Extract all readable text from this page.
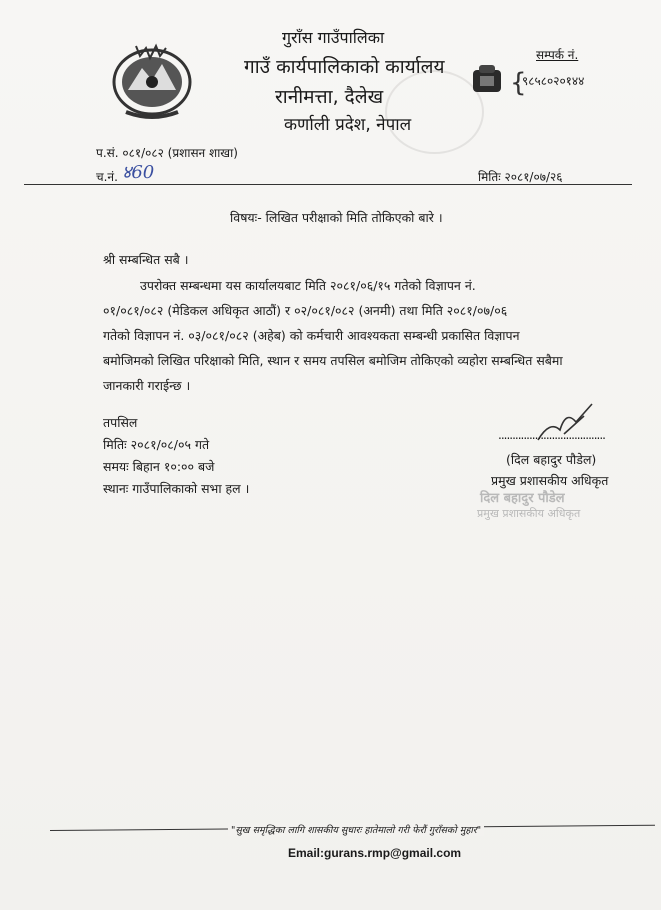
गुराँस गाउँपालिका
गाउँ कार्यपालिकाको कार्यालय
रानीमत्ता, दैलेख
कर्णाली प्रदेश, नेपाल
{
सम्पर्क नं.
९८५८०२०१४४
प.सं. ०८१/०८२ (प्रशासन शाखा)
च.नं. ४60	मितिः २०८१/०७/२६
विषयः- लिखित परीक्षाको मिति तोकिएको बारे ।
श्री सम्बन्धित सबै ।
उपरोक्त सम्बन्धमा यस कार्यालयबाट मिति २०८१/०६/१५ गतेको विज्ञापन नं.
०१/०८१/०८२ (मेडिकल अधिकृत आठौं) र ०२/०८१/०८२ (अनमी) तथा मिति २०८१/०७/०६
गतेको विज्ञापन नं. ०३/०८१/०८२ (अहेब) को कर्मचारी आवश्यकता सम्बन्धी प्रकासित विज्ञापन
बमोजिमको लिखित परिक्षाको मिति, स्थान र समय तपसिल बमोजिम तोकिएको व्यहोरा सम्बन्धित सबैमा
जानकारी गराईन्छ ।
तपसिल
मितिः २०८१/०८/०५ गते
समयः बिहान १०:०० बजे
स्थानः गाउँपालिकाको सभा हल ।
......................................
(दिल बहादुर पौडेल)
प्रमुख प्रशासकीय अधिकृत
दिल बहादुर पौडेल
प्रमुख प्रशासकीय अधिकृत
"सुख समृद्धिका लागि शासकीय सुधारः हातेमालो गरी फेरौं गुराँसको मुहार"
Email:gurans.rmp@gmail.com
